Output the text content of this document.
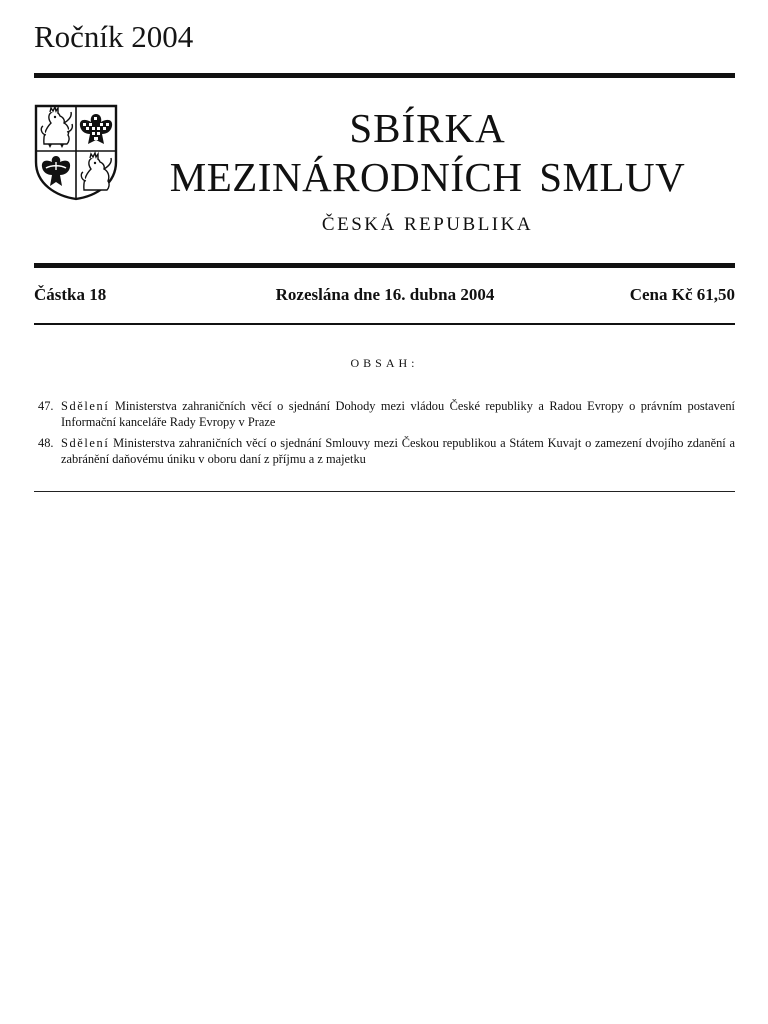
Ročník 2004
SBÍRKA
MEZINÁRODNÍCH SMLUV
ČESKÁ REPUBLIKA
Částka 18	Rozeslána dne 16. dubna 2004	Cena Kč 61,50
OBSAH:
47. Sdělení Ministerstva zahraničních věcí o sjednání Dohody mezi vládou České republiky a Radou Evropy o právním postavení Informační kanceláře Rady Evropy v Praze
48. Sdělení Ministerstva zahraničních věcí o sjednání Smlouvy mezi Českou republikou a Státem Kuvajt o zamezení dvojího zdanění a zabránění daňovému úniku v oboru daní z příjmu a z majetku
